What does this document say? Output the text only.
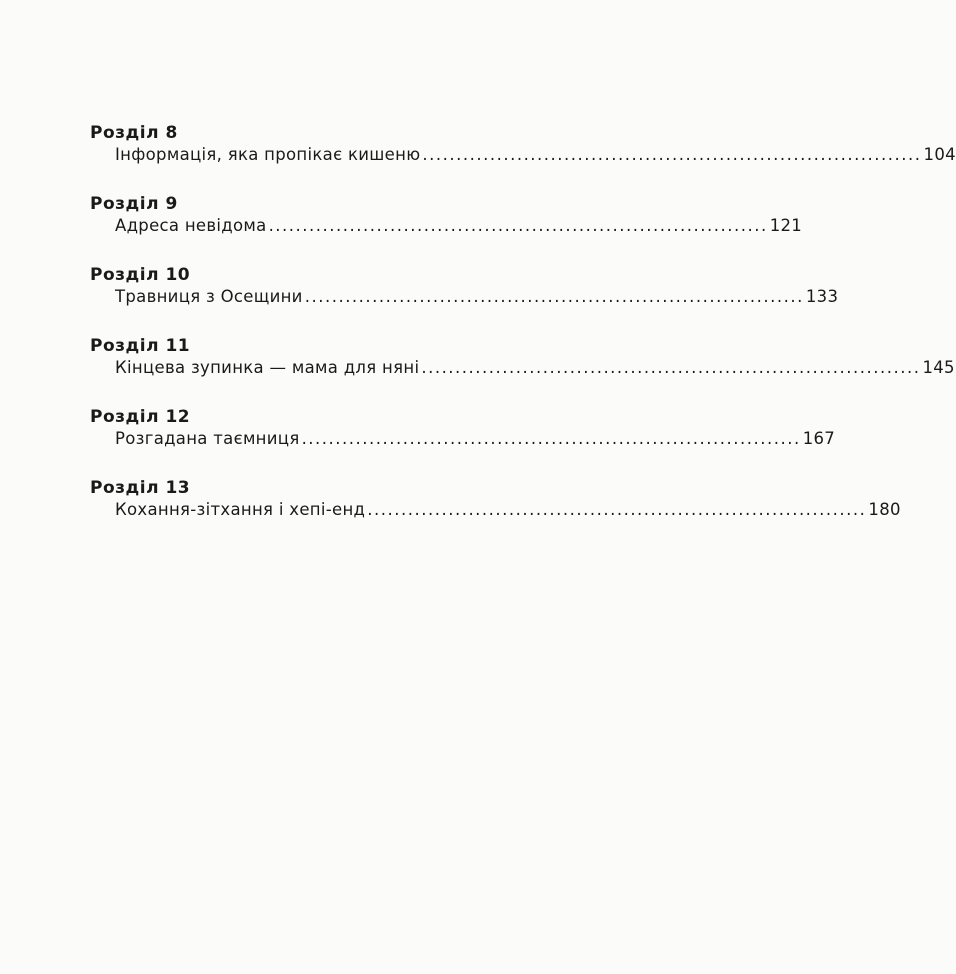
Розділ 8
Інформація, яка пропікає кишеню .......................................................................... 104
Розділ 9
Адреса невідома .......................................................................... 121
Розділ 10
Травниця з Осещини .......................................................................... 133
Розділ 11
Кінцева зупинка — мама для няні .......................................................................... 145
Розділ 12
Розгадана таємниця .......................................................................... 167
Розділ 13
Кохання-зітхання і хепі-енд .......................................................................... 180
